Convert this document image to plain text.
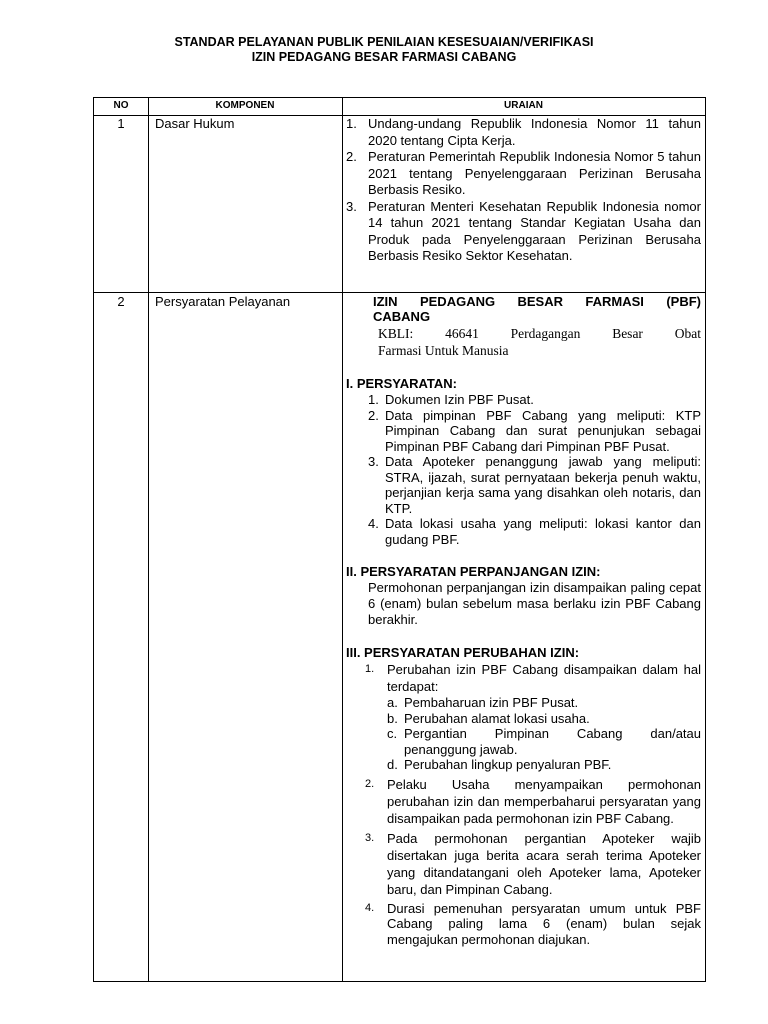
STANDAR PELAYANAN PUBLIK PENILAIAN KESESUAIAN/VERIFIKASI
IZIN PEDAGANG BESAR FARMASI CABANG
NO	KOMPONEN	URAIAN
1	Dasar Hukum	1. Undang-undang Republik Indonesia Nomor 11 tahun 2020 tentang Cipta Kerja.
2. Peraturan Pemerintah Republik Indonesia Nomor 5 tahun 2021 tentang Penyelenggaraan Perizinan Berusaha Berbasis Resiko.
3. Peraturan Menteri Kesehatan Republik Indonesia nomor 14 tahun 2021 tentang Standar Kegiatan Usaha dan Produk pada Penyelenggaraan Perizinan Berusaha Berbasis Resiko Sektor Kesehatan.
2	Persyaratan Pelayanan	IZIN PEDAGANG BESAR FARMASI (PBF)
CABANG
KBLI: 46641 Perdagangan Besar Obat
Farmasi Untuk Manusia
I. PERSYARATAN:
1. Dokumen Izin PBF Pusat.
2. Data pimpinan PBF Cabang yang meliputi: KTP Pimpinan Cabang dan surat penunjukan sebagai Pimpinan PBF Cabang dari Pimpinan PBF Pusat.
3. Data Apoteker penanggung jawab yang meliputi: STRA, ijazah, surat pernyataan bekerja penuh waktu, perjanjian kerja sama yang disahkan oleh notaris, dan KTP.
4. Data lokasi usaha yang meliputi: lokasi kantor dan gudang PBF.
II. PERSYARATAN PERPANJANGAN IZIN:
Permohonan perpanjangan izin disampaikan paling cepat 6 (enam) bulan sebelum masa berlaku izin PBF Cabang berakhir.
III. PERSYARATAN PERUBAHAN IZIN:
1. Perubahan izin PBF Cabang disampaikan dalam hal terdapat:
a. Pembaharuan izin PBF Pusat.
b. Perubahan alamat lokasi usaha.
c. Pergantian Pimpinan Cabang dan/atau penanggung jawab.
d. Perubahan lingkup penyaluran PBF.
2. Pelaku Usaha menyampaikan permohonan perubahan izin dan memperbaharui persyaratan yang disampaikan pada permohonan izin PBF Cabang.
3. Pada permohonan pergantian Apoteker wajib disertakan juga berita acara serah terima Apoteker yang ditandatangani oleh Apoteker lama, Apoteker baru, dan Pimpinan Cabang.
4. Durasi pemenuhan persyaratan umum untuk PBF Cabang paling lama 6 (enam) bulan sejak mengajukan permohonan diajukan.
